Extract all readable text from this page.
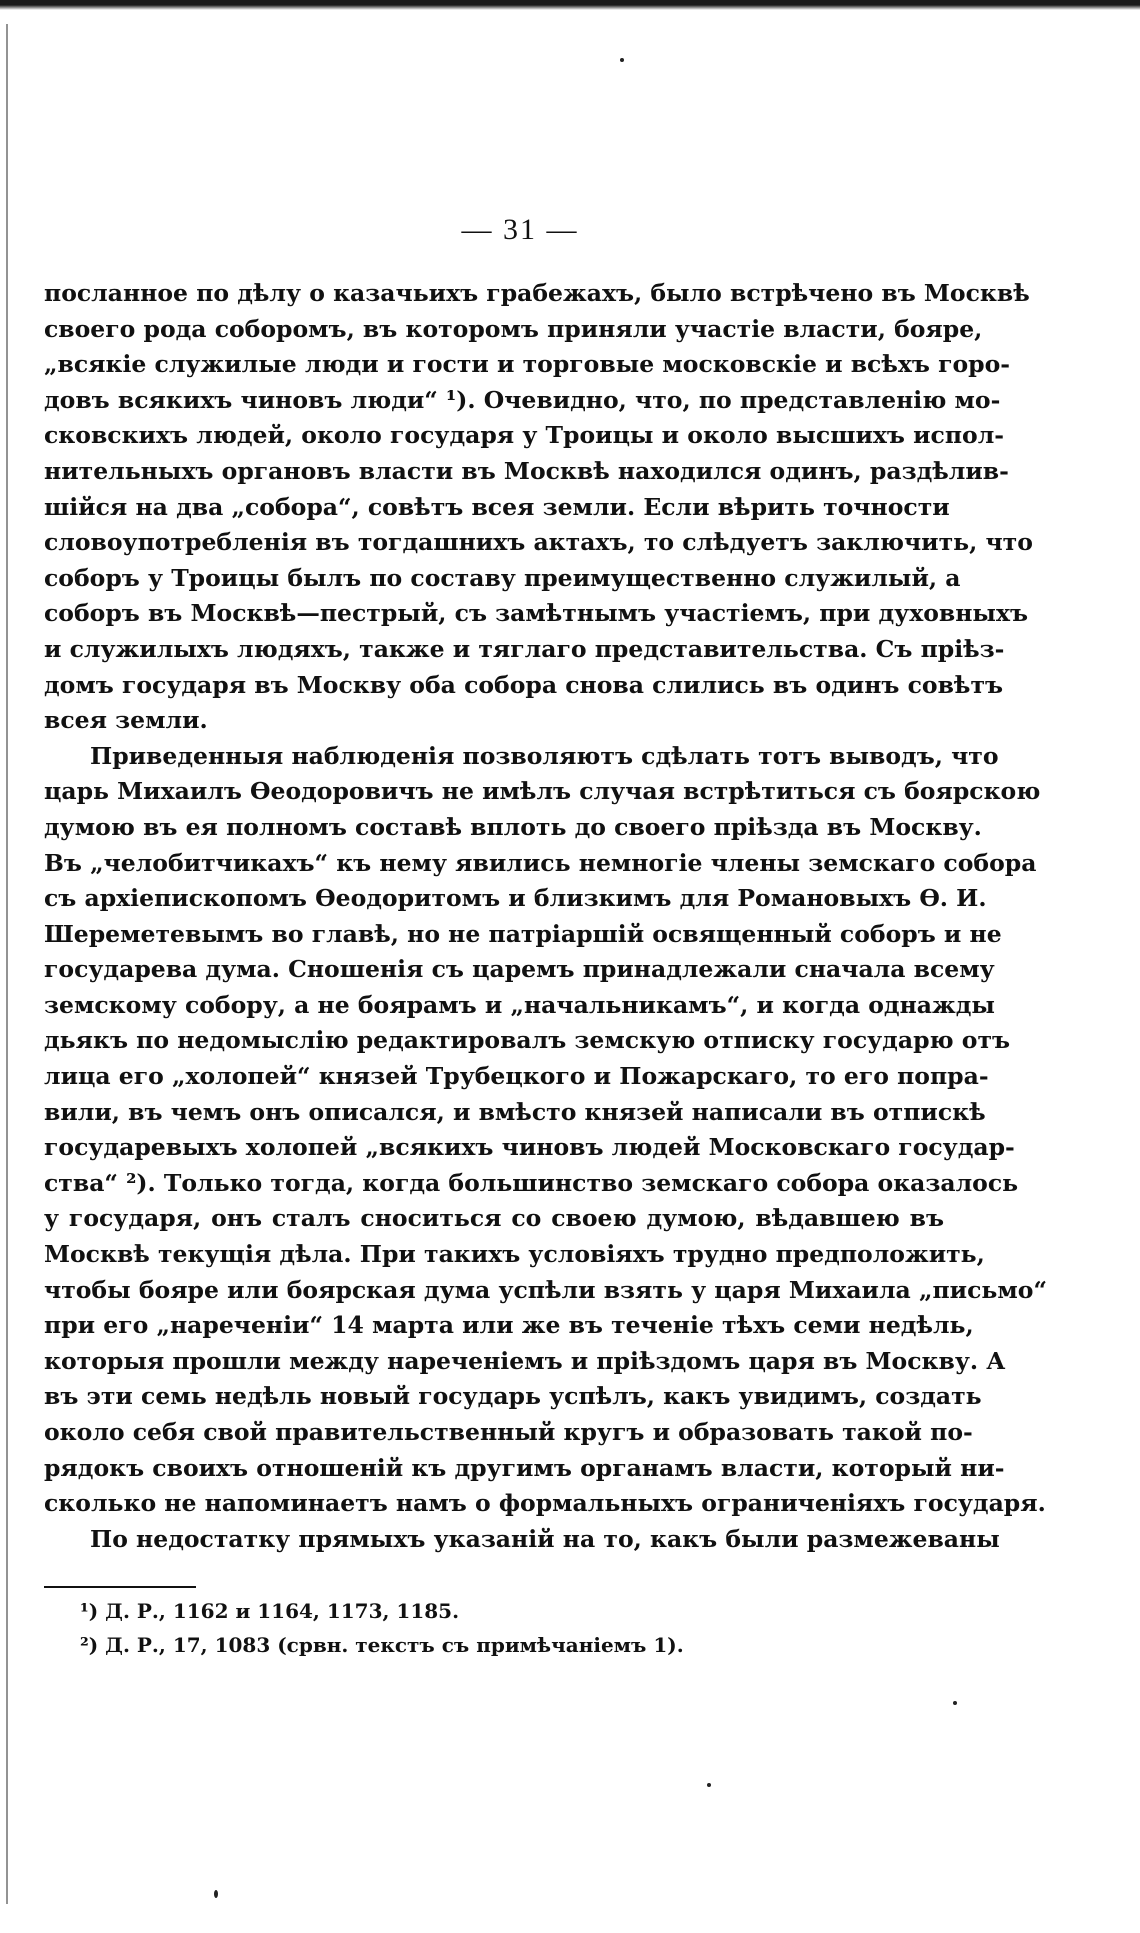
— 31 —
посланное по дѣлу о казачьихъ грабежахъ, было встрѣчено въ Москвѣ
своего рода соборомъ, въ которомъ приняли участіе власти, бояре,
„всякіе служилые люди и гости и торговые московскіе и всѣхъ горо-
довъ всякихъ чиновъ люди“ ¹). Очевидно, что, по представленію мо-
сковскихъ людей, около государя у Троицы и около высшихъ испол-
нительныхъ органовъ власти въ Москвѣ находился одинъ, раздѣлив-
шійся на два „собора“, совѣтъ всея земли. Если вѣрить точности
словоупотребленія въ тогдашнихъ актахъ, то слѣдуетъ заключить, что
соборъ у Троицы былъ по составу преимущественно служилый, а
соборъ въ Москвѣ—пестрый, съ замѣтнымъ участіемъ, при духовныхъ
и служилыхъ людяхъ, также и тяглаго представительства. Съ пріѣз-
домъ государя въ Москву оба собора снова слились въ одинъ совѣтъ
всея земли.
Приведенныя наблюденія позволяютъ сдѣлать тотъ выводъ, что
царь Михаилъ Ѳеодоровичъ не имѣлъ случая встрѣтиться съ боярскою
думою въ ея полномъ составѣ вплоть до своего пріѣзда въ Москву.
Въ „челобитчикахъ“ къ нему явились немногіе члены земскаго собора
съ архіепископомъ Ѳеодоритомъ и близкимъ для Романовыхъ Ѳ. И.
Шереметевымъ во главѣ, но не патріаршій освященный соборъ и не
государева дума. Сношенія съ царемъ принадлежали сначала всему
земскому собору, а не боярамъ и „начальникамъ“, и когда однажды
дьякъ по недомыслію редактировалъ земскую отписку государю отъ
лица его „холопей“ князей Трубецкого и Пожарскаго, то его попра-
вили, въ чемъ онъ описался, и вмѣсто князей написали въ отпискѣ
государевыхъ холопей „всякихъ чиновъ людей Московскаго государ-
ства“ ²). Только тогда, когда большинство земскаго собора оказалось
у государя, онъ сталъ сноситься со своею думою, вѣдавшею въ
Москвѣ текущія дѣла. При такихъ условіяхъ трудно предположить,
чтобы бояре или боярская дума успѣли взять у царя Михаила „письмо“
при его „нареченіи“ 14 марта или же въ теченіе тѣхъ семи недѣль,
которыя прошли между нареченіемъ и пріѣздомъ царя въ Москву. А
въ эти семь недѣль новый государь успѣлъ, какъ увидимъ, создать
около себя свой правительственный кругъ и образовать такой по-
рядокъ своихъ отношеній къ другимъ органамъ власти, который ни-
сколько не напоминаетъ намъ о формальныхъ ограниченіяхъ государя.
По недостатку прямыхъ указаній на то, какъ были размежеваны
¹) Д. Р., 1162 и 1164, 1173, 1185.
²) Д. Р., 17, 1083 (срвн. текстъ съ примѣчаніемъ 1).
